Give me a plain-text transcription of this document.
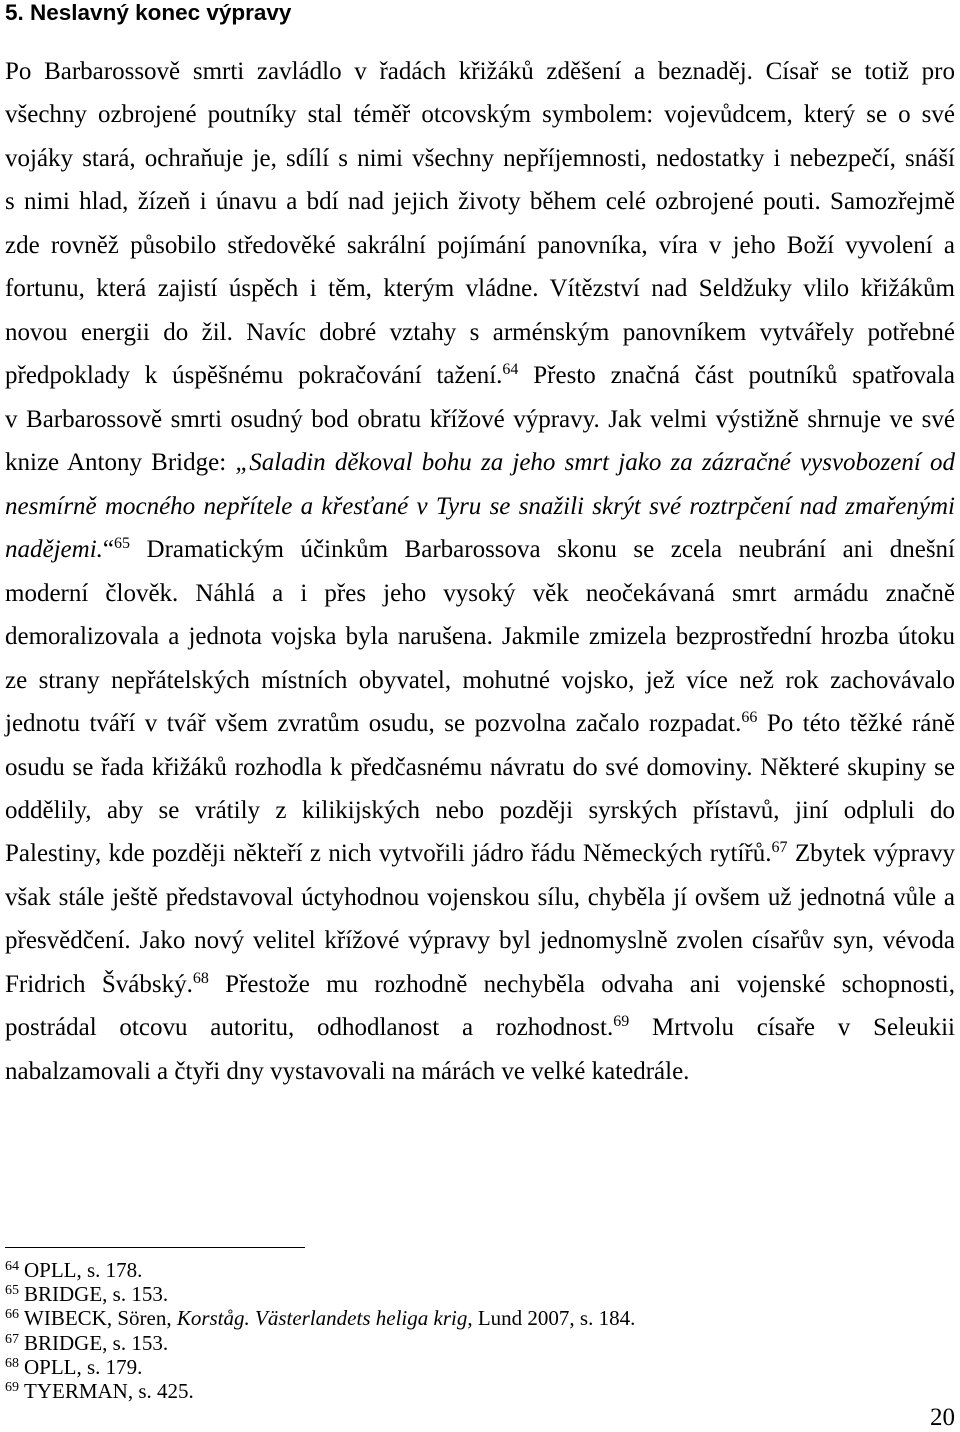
5. Neslavný konec výpravy
Po Barbarossově smrti zavládlo v řadách křižáků zděšení a beznaděj. Císař se totiž pro
všechny ozbrojené poutníky stal téměř otcovským symbolem: vojevůdcem, který se o své
vojáky stará, ochraňuje je, sdílí s nimi všechny nepříjemnosti, nedostatky i nebezpečí, snáší
s nimi hlad, žízeň i únavu a bdí nad jejich životy během celé ozbrojené pouti. Samozřejmě
zde rovněž působilo středověké sakrální pojímání panovníka, víra v jeho Boží vyvolení a
fortunu, která zajistí úspěch i těm, kterým vládne. Vítězství nad Seldžuky vlilo křižákům
novou energii do žil. Navíc dobré vztahy s arménským panovníkem vytvářely potřebné
předpoklady k úspěšnému pokračování tažení.$^{64}$ Přesto značná část poutníků spatřovala
v Barbarossově smrti osudný bod obratu křížové výpravy. Jak velmi výstižně shrnuje ve své
knize Antony Bridge: „Saladin děkoval bohu za jeho smrt jako za zázračné vysvobození od
nesmírně mocného nepřítele a křesťané v Tyru se snažili skrýt své roztrpčení nad zmařenými
nadějemi.“$^{65}$ Dramatickým účinkům Barbarossova skonu se zcela neubrání ani dnešní
moderní člověk. Náhlá a i přes jeho vysoký věk neočekávaná smrt armádu značně
demoralizovala a jednota vojska byla narušena. Jakmile zmizela bezprostřední hrozba útoku
ze strany nepřátelských místních obyvatel, mohutné vojsko, jež více než rok zachovávalo
jednotu tváří v tvář všem zvratům osudu, se pozvolna začalo rozpadat.$^{66}$ Po této těžké ráně
osudu se řada křižáků rozhodla k předčasnému návratu do své domoviny. Některé skupiny se
oddělily, aby se vrátily z kilikijských nebo později syrských přístavů, jiní odpluli do
Palestiny, kde později někteří z nich vytvořili jádro řádu Německých rytířů.$^{67}$ Zbytek výpravy
však stále ještě představoval úctyhodnou vojenskou sílu, chyběla jí ovšem už jednotná vůle a
přesvědčení. Jako nový velitel křížové výpravy byl jednomyslně zvolen císařův syn, vévoda
Fridrich Švábský.$^{68}$ Přestože mu rozhodně nechyběla odvaha ani vojenské schopnosti,
postrádal otcovu autoritu, odhodlanost a rozhodnost.$^{69}$ Mrtvolu císaře v Seleukii
nabalzamovali a čtyři dny vystavovali na márách ve velké katedrále.
$^{64}$ OPLL, s. 178.
$^{65}$ BRIDGE, s. 153.
$^{66}$ WIBECK, Sören, Korståg. Västerlandets heliga krig, Lund 2007, s. 184.
$^{67}$ BRIDGE, s. 153.
$^{68}$ OPLL, s. 179.
$^{69}$ TYERMAN, s. 425.
20
